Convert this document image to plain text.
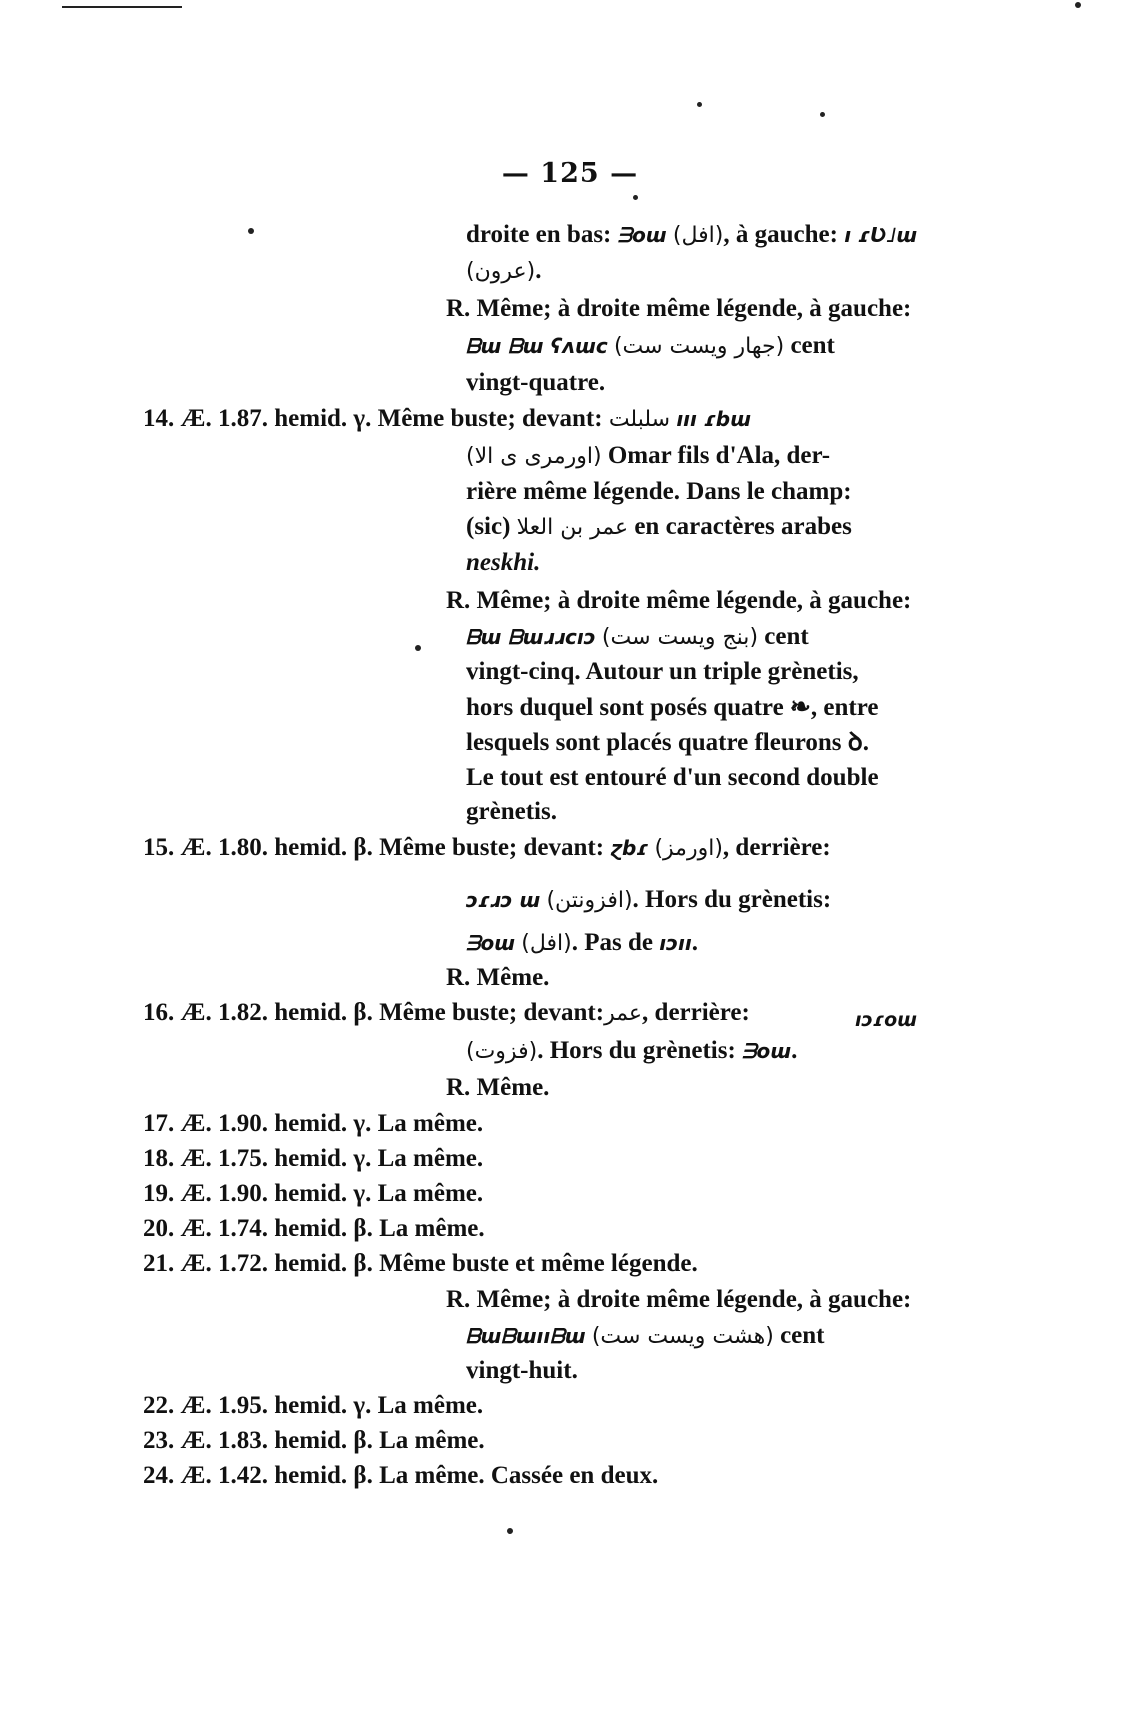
— 125 —
droite en bas: ᗱoɯ (افل), à gauche: ı ɾƲ˩ɯ
(عرون).
R. Même; à droite même légende, à gauche:
ᗷɯ ᗷɯ ʕʌɯc (جهار ويست ست) cent
vingt-quatre.
14. Æ. 1.87. hemid. γ. Même buste; devant: سلبلت ııı ɾbɯ
(اورمرى ى الا) Omar fils d'Ala, der-
rière même légende. Dans le champ:
(sic) عمر بن العلا en caractères arabes
neskhi.
R. Même; à droite même légende, à gauche:
ᗷɯ ᗷɯɹɹcıɔ (بنج ويست ست) cent
vingt-cinq. Autour un triple grènetis,
hors duquel sont posés quatre ❧, entre
lesquels sont placés quatre fleurons ꝺ.
Le tout est entouré d'un second double
grènetis.
15. Æ. 1.80. hemid. β. Même buste; devant: ɀbɾ (اورمز), derrière:
ɔɾɹɔ ɯ (افزونتن). Hors du grènetis:
ᗱoɯ (افل). Pas de ıɔıı.
R. Même.
16. Æ. 1.82. hemid. β. Même buste; devant:عمر, derrière:	ıɔɾoɯ
(فزوت). Hors du grènetis: ᗱoɯ.
R. Même.
17. Æ. 1.90. hemid. γ. La même.
18. Æ. 1.75. hemid. γ. La même.
19. Æ. 1.90. hemid. γ. La même.
20. Æ. 1.74. hemid. β. La même.
21. Æ. 1.72. hemid. β. Même buste et même légende.
R. Même; à droite même légende, à gauche:
ᗷɯᗷɯııᗷɯ (هشت ويست ست) cent
vingt-huit.
22. Æ. 1.95. hemid. γ. La même.
23. Æ. 1.83. hemid. β. La même.
24. Æ. 1.42. hemid. β. La même. Cassée en deux.
